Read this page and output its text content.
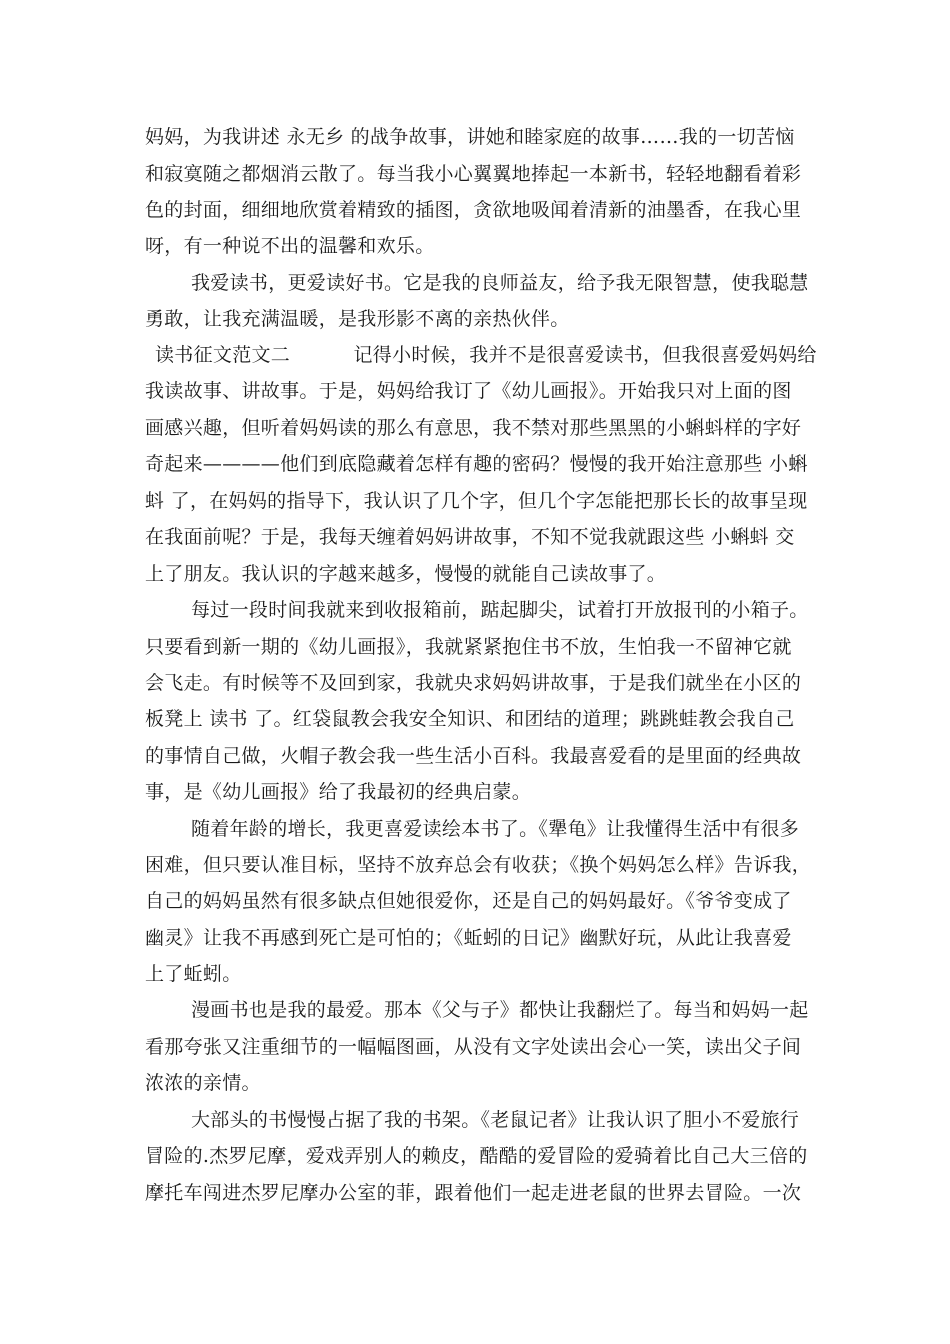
妈妈，为我讲述 永无乡 的战争故事，讲她和睦家庭的故事……我的一切苦恼
和寂寞随之都烟消云散了。每当我小心翼翼地捧起一本新书，轻轻地翻看着彩
色的封面，细细地欣赏着精致的插图，贪欲地吸闻着清新的油墨香，在我心里
呀，有一种说不出的温馨和欢乐。
我爱读书，更爱读好书。它是我的良师益友，给予我无限智慧，使我聪慧
勇敢，让我充满温暖，是我形影不离的亲热伙伴。
读书征文范文二          记得小时候，我并不是很喜爱读书，但我很喜爱妈妈给
我读故事、讲故事。于是，妈妈给我订了《幼儿画报》。开始我只对上面的图
画感兴趣，但听着妈妈读的那么有意思，我不禁对那些黑黑的小蝌蚪样的字好
奇起来————他们到底隐藏着怎样有趣的密码？慢慢的我开始注意那些 小蝌
蚪 了，在妈妈的指导下，我认识了几个字，但几个字怎能把那长长的故事呈现
在我面前呢？于是，我每天缠着妈妈讲故事，不知不觉我就跟这些 小蝌蚪 交
上了朋友。我认识的字越来越多，慢慢的就能自己读故事了。
每过一段时间我就来到收报箱前，踮起脚尖，试着打开放报刊的小箱子。
只要看到新一期的《幼儿画报》，我就紧紧抱住书不放，生怕我一不留神它就
会飞走。有时候等不及回到家，我就央求妈妈讲故事，于是我们就坐在小区的
板凳上 读书 了。红袋鼠教会我安全知识、和团结的道理；跳跳蛙教会我自己
的事情自己做，火帽子教会我一些生活小百科。我最喜爱看的是里面的经典故
事，是《幼儿画报》给了我最初的经典启蒙。
随着年龄的增长，我更喜爱读绘本书了。《犟龟》让我懂得生活中有很多
困难，但只要认准目标，坚持不放弃总会有收获；《换个妈妈怎么样》告诉我，
自己的妈妈虽然有很多缺点但她很爱你，还是自己的妈妈最好。《爷爷变成了
幽灵》让我不再感到死亡是可怕的；《蚯蚓的日记》幽默好玩，从此让我喜爱
上了蚯蚓。
漫画书也是我的最爱。那本《父与子》都快让我翻烂了。每当和妈妈一起
看那夸张又注重细节的一幅幅图画，从没有文字处读出会心一笑，读出父子间
浓浓的亲情。
大部头的书慢慢占据了我的书架。《老鼠记者》让我认识了胆小不爱旅行
冒险的.杰罗尼摩，爱戏弄别人的赖皮，酷酷的爱冒险的爱骑着比自己大三倍的
摩托车闯进杰罗尼摩办公室的菲，跟着他们一起走进老鼠的世界去冒险。一次
